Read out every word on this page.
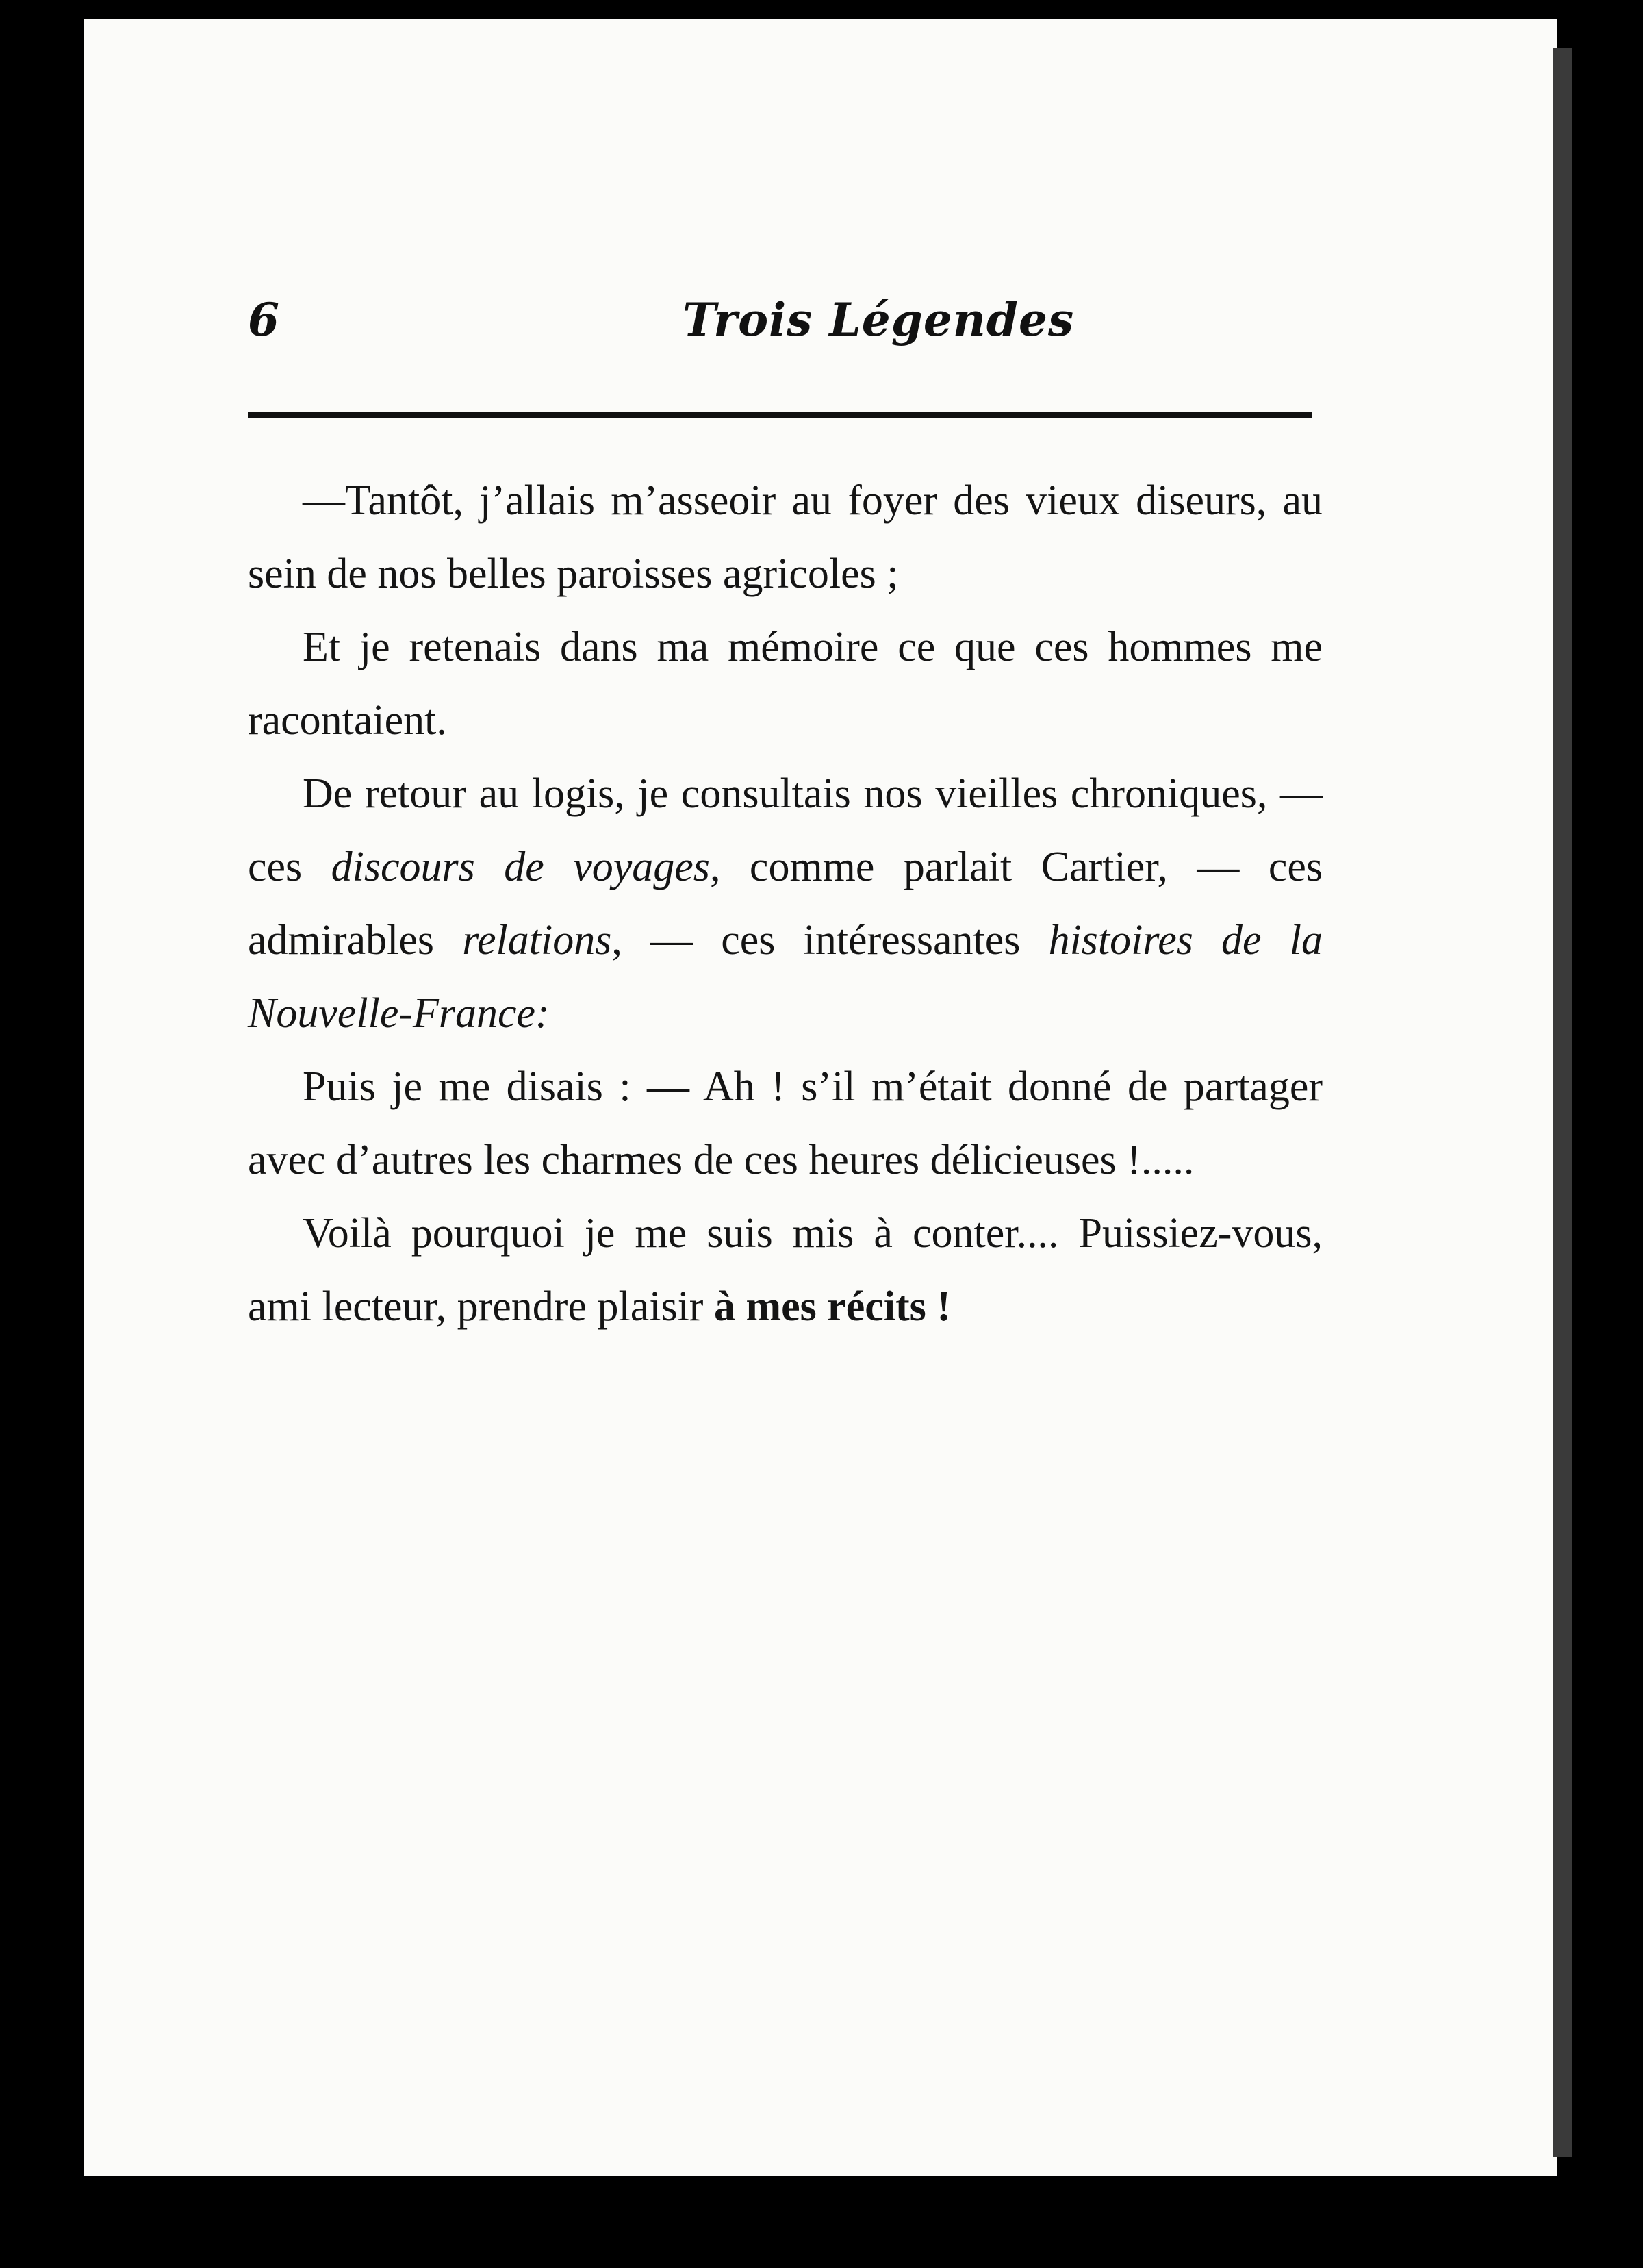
6	Trois Légendes

—Tantôt, j’allais m’asseoir au foyer des vieux diseurs, au sein de nos belles paroisses agricoles ;

Et je retenais dans ma mémoire ce que ces hommes me racontaient.

De retour au logis, je consultais nos vieilles chroniques, — ces discours de voyages, comme parlait Cartier, — ces admirables relations, — ces intéressantes histoires de la Nouvelle-France:

Puis je me disais : — Ah ! s’il m’était donné de partager avec d’autres les charmes de ces heures délicieuses !.....

Voilà pourquoi je me suis mis à conter.... Puissiez-vous, ami lecteur, prendre plaisir à mes récits !
